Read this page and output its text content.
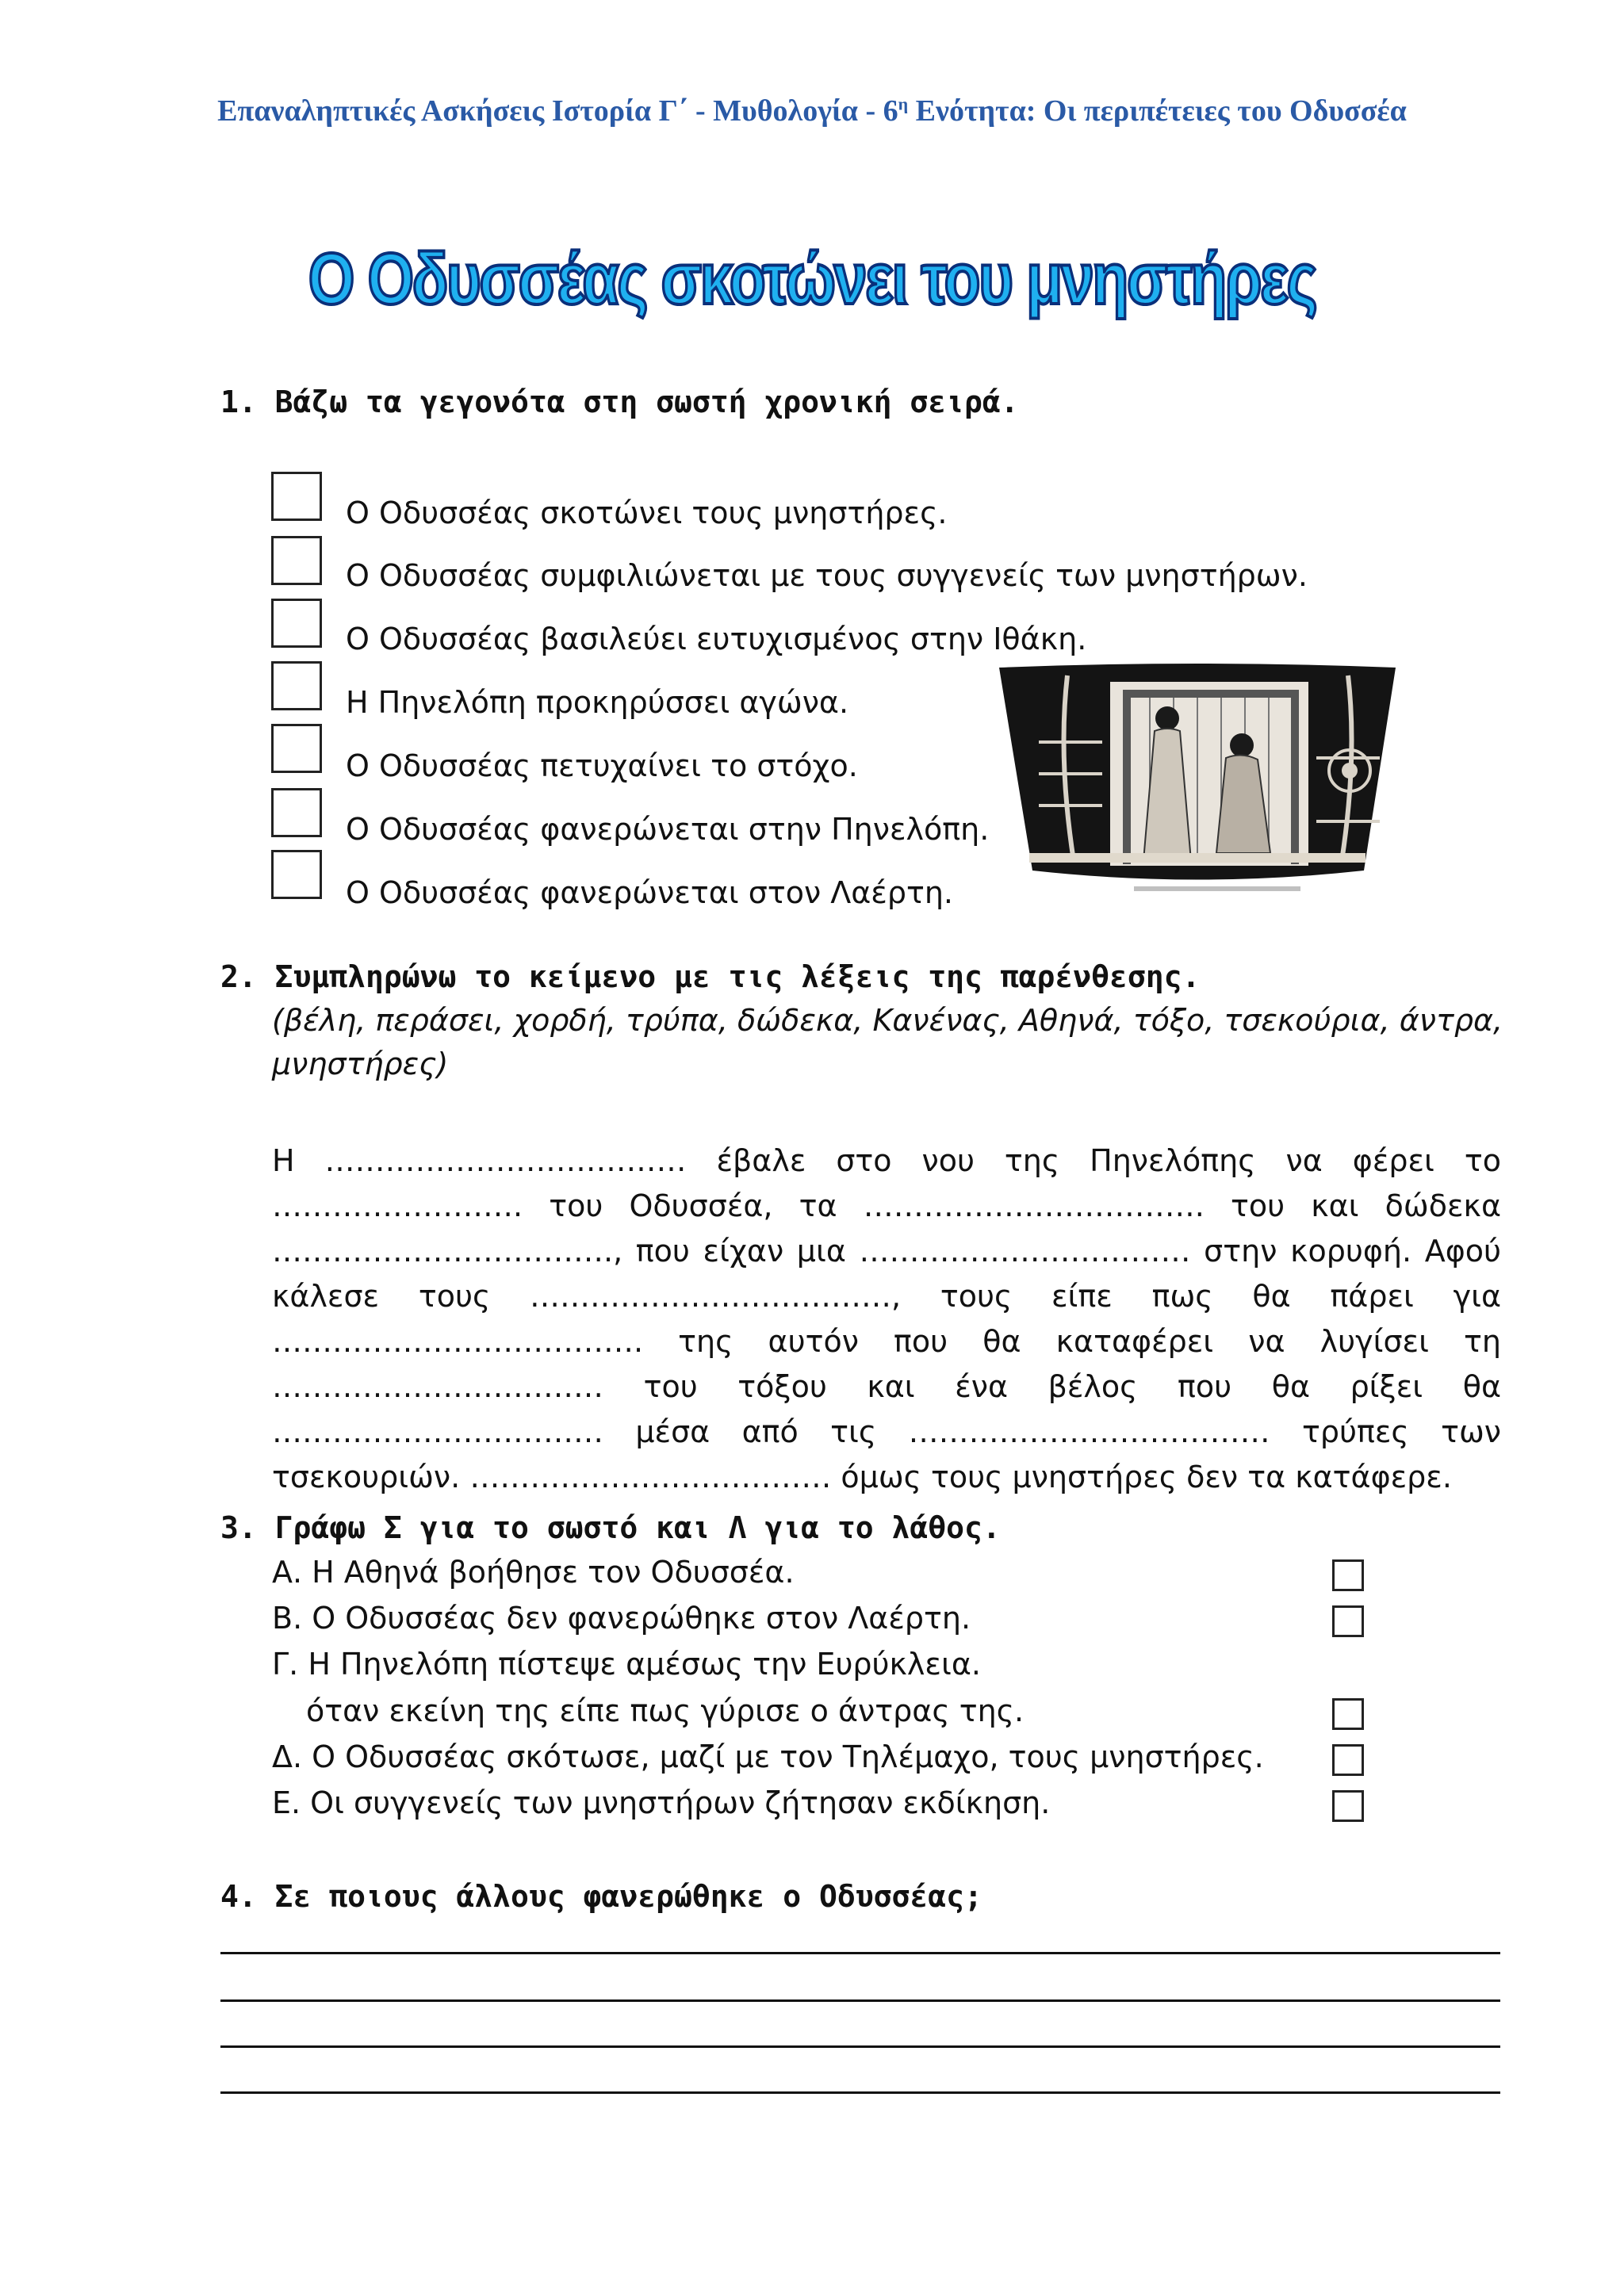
Επαναληπτικές Ασκήσεις Ιστορία Γ΄ - Μυθολογία - $6^\eta$ Ενότητα: Οι περιπέτειες του Οδυσσέα
Ο Οδυσσέας σκοτώνει του μνηστήρες
1. Βάζω τα γεγονότα στη σωστή χρονική σειρά.
Ο Οδυσσέας σκοτώνει τους μνηστήρες.
Ο Οδυσσέας συμφιλιώνεται με τους συγγενείς των μνηστήρων.
Ο Οδυσσέας βασιλεύει ευτυχισμένος στην Ιθάκη.
Η Πηνελόπη προκηρύσσει αγώνα.
Ο Οδυσσέας πετυχαίνει το στόχο.
Ο Οδυσσέας φανερώνεται στην Πηνελόπη.
Ο Οδυσσέας φανερώνεται στον Λαέρτη.
2. Συμπληρώνω το κείμενο με τις λέξεις της παρένθεσης.
(βέλη, περάσει, χορδή, τρύπα, δώδεκα, Κανένας, Αθηνά, τόξο, τσεκούρια, άντρα,
μνηστήρες)
Η ……………………………… έβαλε στο νου της Πηνελόπης να φέρει το ……………………. του Οδυσσέα, τα ……………………………. του και δώδεκα ……………………………., που είχαν μια …………………………… στην κορυφή. Αφού κάλεσε τους ………………………………, τους είπε πως θα πάρει για ………………………………. της αυτόν που θα καταφέρει να λυγίσει τη …………………………… του τόξου και ένα βέλος που θα ρίξει θα …………………………… μέσα από τις ……………………………… τρύπες των τσεκουριών. ……………………………… όμως τους μνηστήρες δεν τα κατάφερε.
3. Γράφω Σ για το σωστό και Λ για το λάθος.
Α. Η Αθηνά βοήθησε τον Οδυσσέα.
Β. Ο Οδυσσέας δεν φανερώθηκε στον Λαέρτη.
Γ. Η Πηνελόπη πίστεψε αμέσως την Ευρύκλεια.
όταν εκείνη της είπε πως γύρισε ο άντρας της.
Δ. Ο Οδυσσέας σκότωσε, μαζί με τον Τηλέμαχο, τους μνηστήρες.
Ε. Οι συγγενείς των μνηστήρων ζήτησαν εκδίκηση.
4. Σε ποιους άλλους φανερώθηκε ο Οδυσσέας;
